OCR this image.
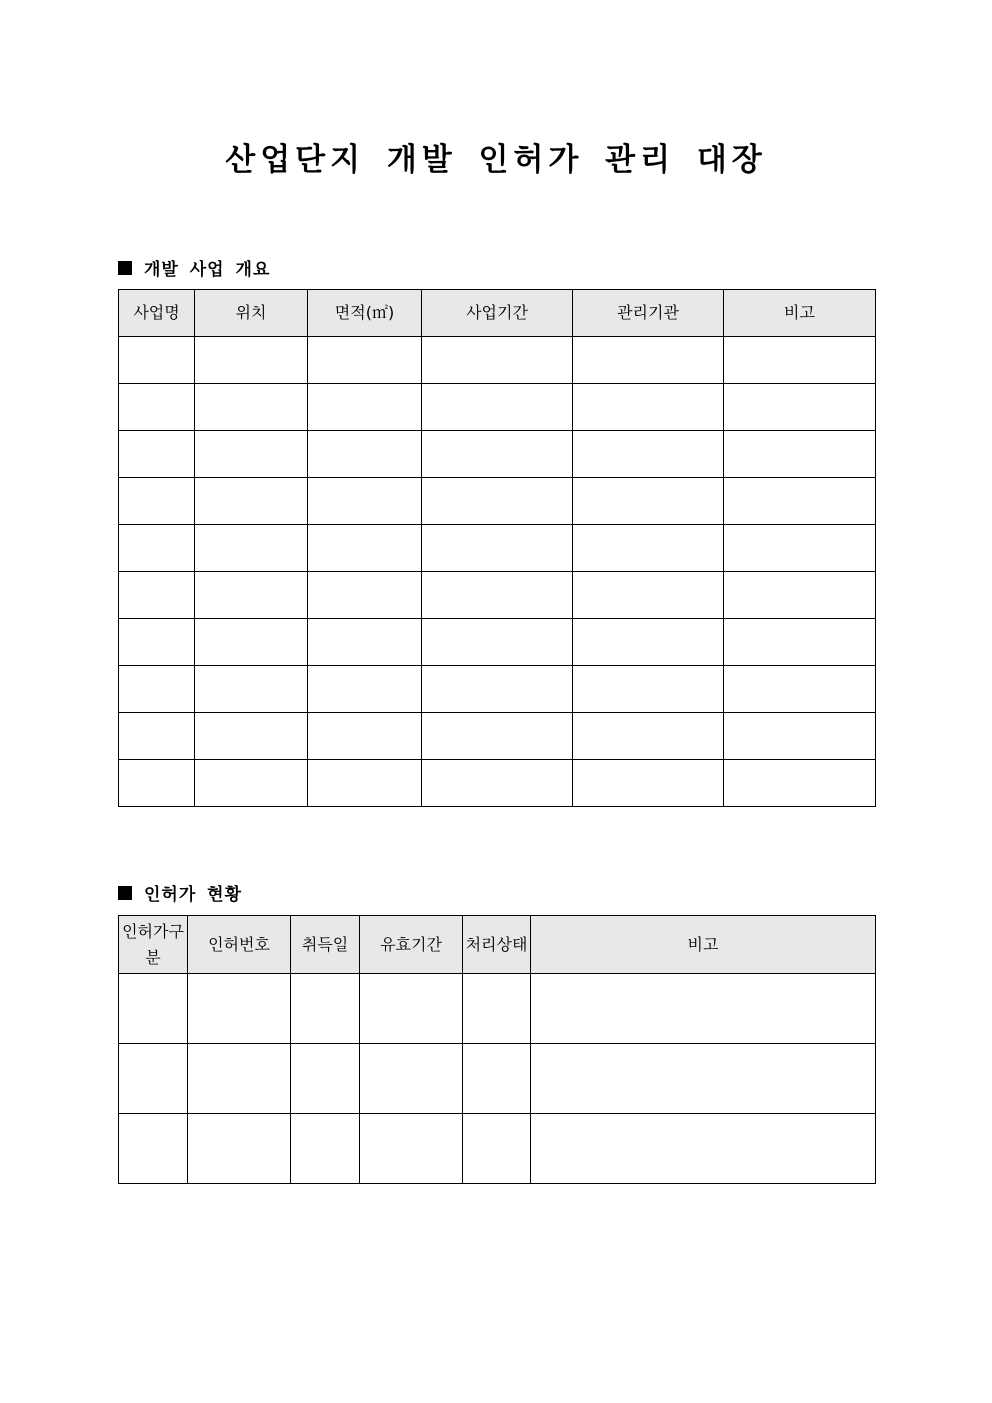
산업단지 개발 인허가 관리 대장
개발 사업 개요
사업명	위치	면적(㎡)	사업기간	관리기관	비고

인허가 현황
인허가구분	인허번호	취득일	유효기간	처리상태	비고
